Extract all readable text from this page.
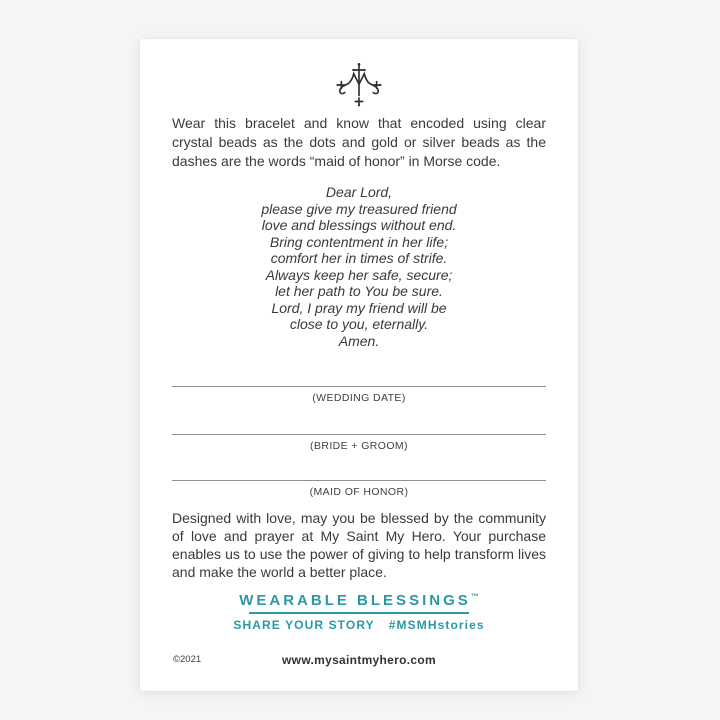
Wear this bracelet and know that encoded using clear crystal beads as the dots and gold or silver beads as the dashes are the words “maid of honor” in Morse code.

Dear Lord,
please give my treasured friend
love and blessings without end.
Bring contentment in her life;
comfort her in times of strife.
Always keep her safe, secure;
let her path to You be sure.
Lord, I pray my friend will be
close to you, eternally.
Amen.
(WEDDING DATE)
(BRIDE + GROOM)
(MAID OF HONOR)

Designed with love, may you be blessed by the community of love and prayer at My Saint My Hero. Your purchase enables us to use the power of giving to help transform lives and make the world a better place.

WEARABLE BLESSINGS™
SHARE YOUR STORY #MSMHstories
©2021	www.mysaintmyhero.com
